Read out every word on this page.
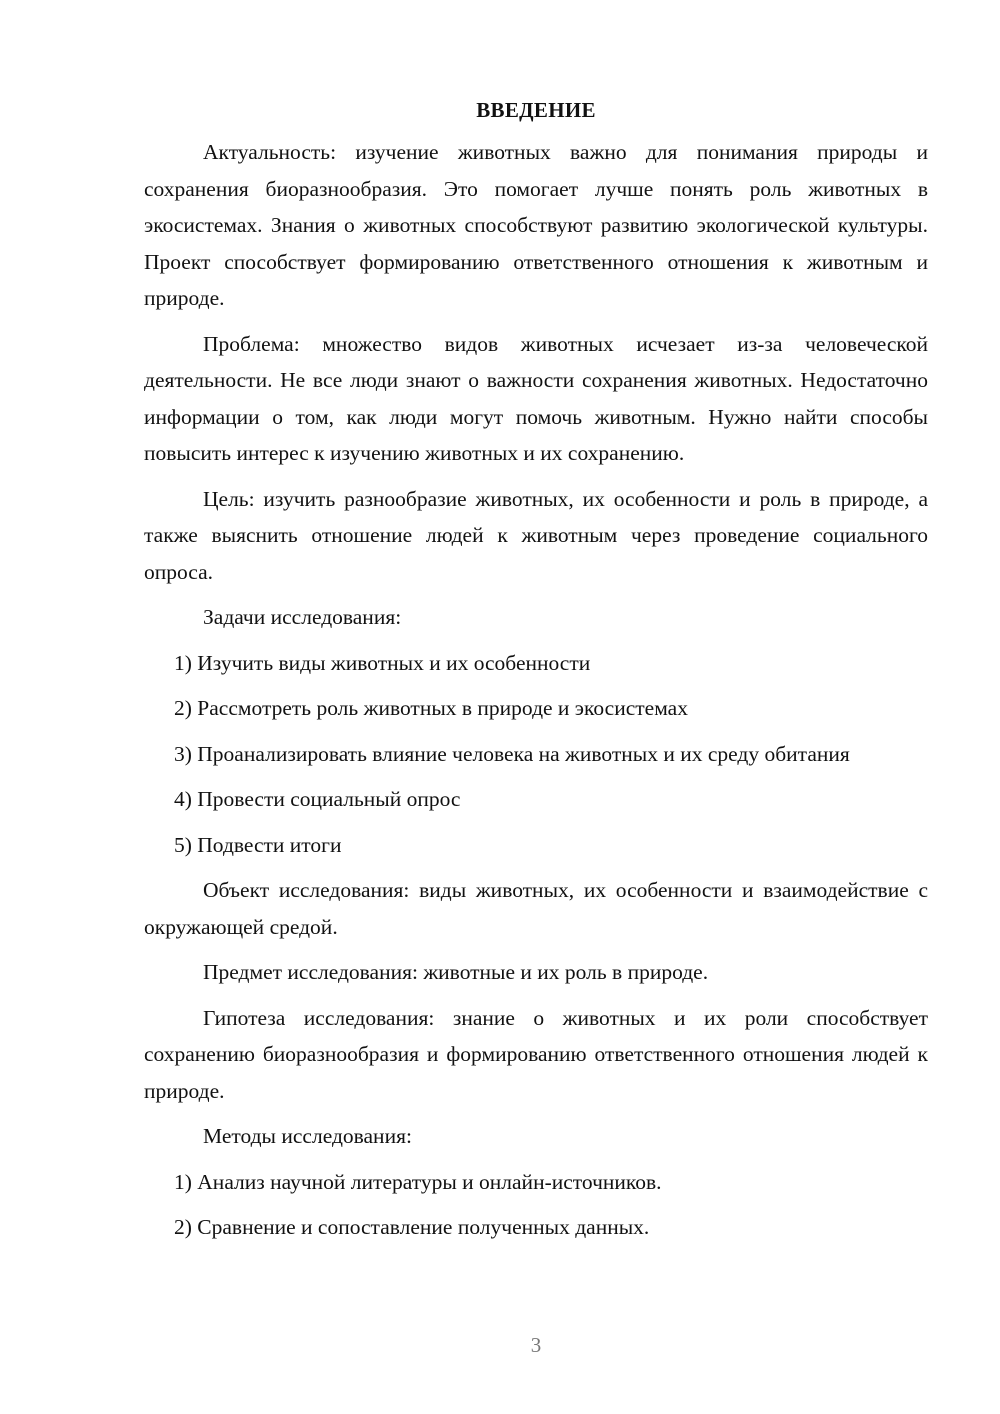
ВВЕДЕНИЕ

Актуальность: изучение животных важно для понимания природы и сохранения биоразнообразия. Это помогает лучше понять роль животных в экосистемах. Знания о животных способствуют развитию экологической культуры. Проект способствует формированию ответственного отношения к животным и природе.

Проблема: множество видов животных исчезает из-за человеческой деятельности. Не все люди знают о важности сохранения животных. Недостаточно информации о том, как люди могут помочь животным. Нужно найти способы повысить интерес к изучению животных и их сохранению.

Цель: изучить разнообразие животных, их особенности и роль в природе, а также выяснить отношение людей к животным через проведение социального опроса.

Задачи исследования:

1) Изучить виды животных и их особенности

2) Рассмотреть роль животных в природе и экосистемах

3) Проанализировать влияние человека на животных и их среду обитания

4) Провести социальный опрос

5) Подвести итоги

Объект исследования: виды животных, их особенности и взаимодействие с окружающей средой.

Предмет исследования: животные и их роль в природе.

Гипотеза исследования: знание о животных и их роли способствует сохранению биоразнообразия и формированию ответственного отношения людей к природе.

Методы исследования:

1) Анализ научной литературы и онлайн-источников.

2) Сравнение и сопоставление полученных данных.

3
